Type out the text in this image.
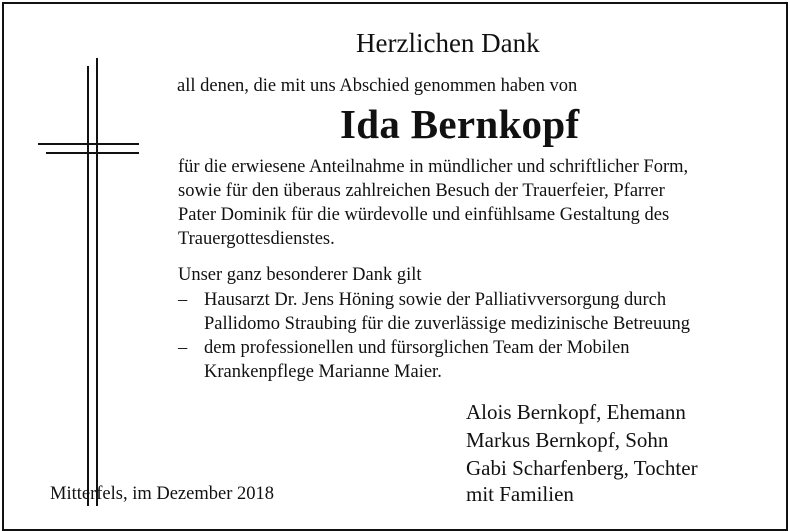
Herzlichen Dank
all denen, die mit uns Abschied genommen haben von
Ida Bernkopf
für die erwiesene Anteilnahme in mündlicher und schriftlicher Form,
sowie für den überaus zahlreichen Besuch der Trauerfeier, Pfarrer
Pater Dominik für die würdevolle und einfühlsame Gestaltung des
Trauergottesdienstes.
Unser ganz besonderer Dank gilt
– Hausarzt Dr. Jens Höning sowie der Palliativversorgung durch
Pallidomo Straubing für die zuverlässige medizinische Betreuung
– dem professionellen und fürsorglichen Team der Mobilen
Krankenpflege Marianne Maier.
Alois Bernkopf, Ehemann
Markus Bernkopf, Sohn
Gabi Scharfenberg, Tochter
mit Familien
Mitterfels, im Dezember 2018
